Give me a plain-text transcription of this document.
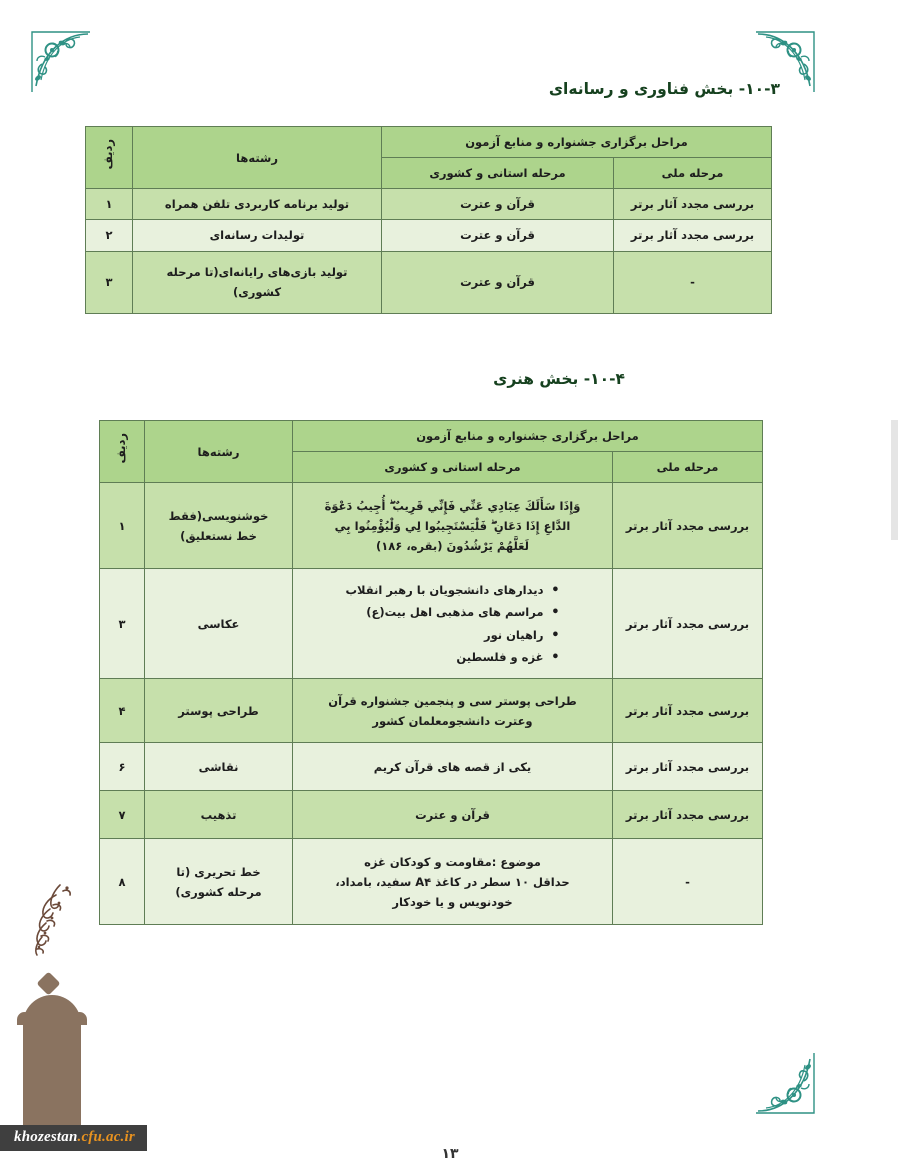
۱۰-۳- بخش فناوری و رسانه‌ای
مراحل برگزاری جشنواره و منابع آزمون		رشته‌ها	ردیف
مرحله ملی	مرحله استانی و کشوری		
بررسی مجدد آثار برتر	قرآن و عترت	تولید برنامه کاربردی تلفن همراه	۱
بررسی مجدد آثار برتر	قرآن و عترت	تولیدات رسانه‌ای	۲
-	قرآن و عترت	تولید بازی‌های رایانه‌ای(تا مرحله
کشوری)	۳
۱۰-۴- بخش هنری
مراحل برگزاری جشنواره و منابع آزمون		رشته‌ها	ردیف
مرحله ملی	مرحله استانی و کشوری		
بررسی مجدد آثار برتر	وَإِذَا سَأَلَكَ عِبَادِي عَنِّي فَإِنِّي قَرِيبٌ ۖ أُجِيبُ دَعْوَةَ
الدَّاعِ إِذَا دَعَانِ ۖ فَلْيَسْتَجِيبُوا لِي وَلْيُؤْمِنُوا بِي
لَعَلَّهُمْ يَرْشُدُونَ (بقره، ۱۸۶)	خوشنویسی(فقط
خط نستعلیق)	۱
بررسی مجدد آثار برتر	
• دیدارهای دانشجویان با رهبر انقلاب
• مراسم های مذهبی اهل بیت(ع)
• راهیان نور
• غزه و فلسطین
	عکاسی	۳
بررسی مجدد آثار برتر	طراحی پوستر سی و پنجمین جشنواره قرآن
وعترت دانشجومعلمان کشور	طراحی پوستر	۴
بررسی مجدد آثار برتر	یکی از قصه های قرآن کریم	نقاشی	۶
بررسی مجدد آثار برتر	قرآن و عترت	تذهیب	۷
-	موضوع :مقاومت و کودکان غزه
حداقل ۱۰ سطر در کاغذ A۴ سفید، بامداد،
خودنویس و یا خودکار	خط تحریری (تا
مرحله کشوری)	۸
khozestan.cfu.ac.ir
۱۳
